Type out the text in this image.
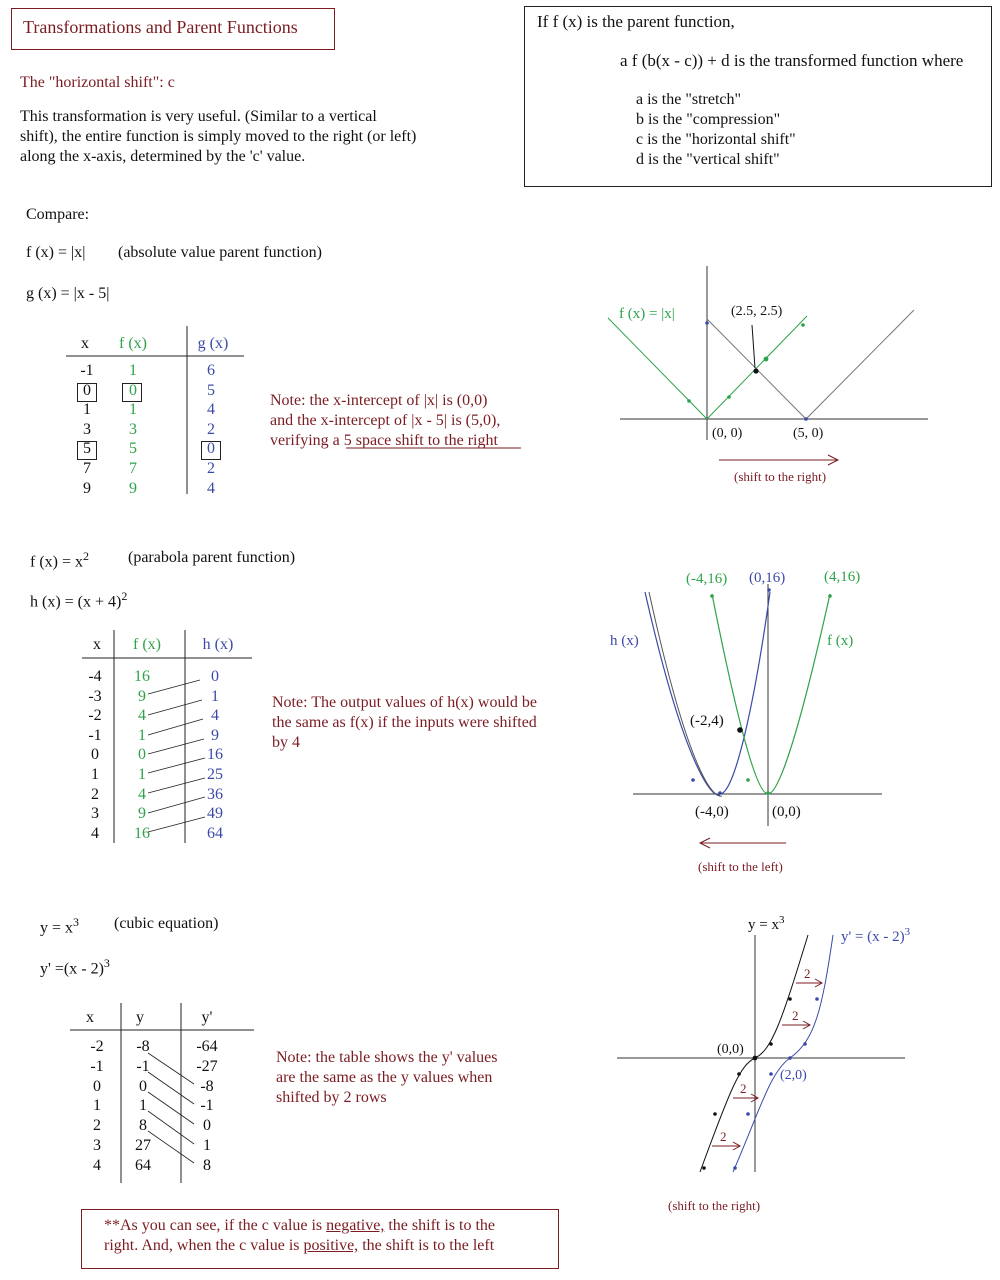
Transformations and Parent Functions	If f (x) is the parent function,
a f (b(x - c)) + d is the transformed function where
a is the "stretch"
b is the "compression"
c is the "horizontal shift"
d is the "vertical shift"
The "horizontal shift": c
This transformation is very useful. (Similar to a vertical
shift), the entire function is simply moved to the right (or left)
along the x-axis, determined by the 'c' value.
Compare:
f (x) = |x| (absolute value parent function)
g (x) = |x - 5|
x	f (x)	g (x)
-1	1	6
0	0	5
1	1	4
3	3	2
5	5	0
7	7	2
9	9	4
Note: the x-intercept of |x| is (0,0)
and the x-intercept of |x - 5| is (5,0),
verifying a 5 space shift to the right
f $(x) = x^2$ (parabola parent function)
h $(x) = (x + 4)^2$
x	f (x)	h (x)
-4	16	0
-3	9	1
-2	4	4
-1	1	9
0	0	16
1	1	25
2	4	36
3	9	49
4	16	64
Note: The output values of h(x) would be
the same as f(x) if the inputs were shifted
by 4
$y = x^3$ (cubic equation)
y' =(x - 2)$^3$
x	y	y'
-2	-8	-64
-1	-1	-27
0	0	-8
1	1	-1
2	8	0
3	27	1
4	64	8
Note: the table shows the y' values
are the same as the y values when
shifted by 2 rows
**As you can see, if the c value is negative, the shift is to the
right. And, when the c value is positive, the shift is to the left
f (x) = |x|	(2.5, 2.5)
(0, 0)	(5, 0)
(shift to the right)
(-4,16) (0,16)	(4,16)
h (x)	f (x)
(-2,4)
(-4,0)	(0,0)
(shift to the left)
2
2
2
2
$y = x^3$
y' = (x - 2)$^3$
(0,0)
(2,0)
(shift to the right)
